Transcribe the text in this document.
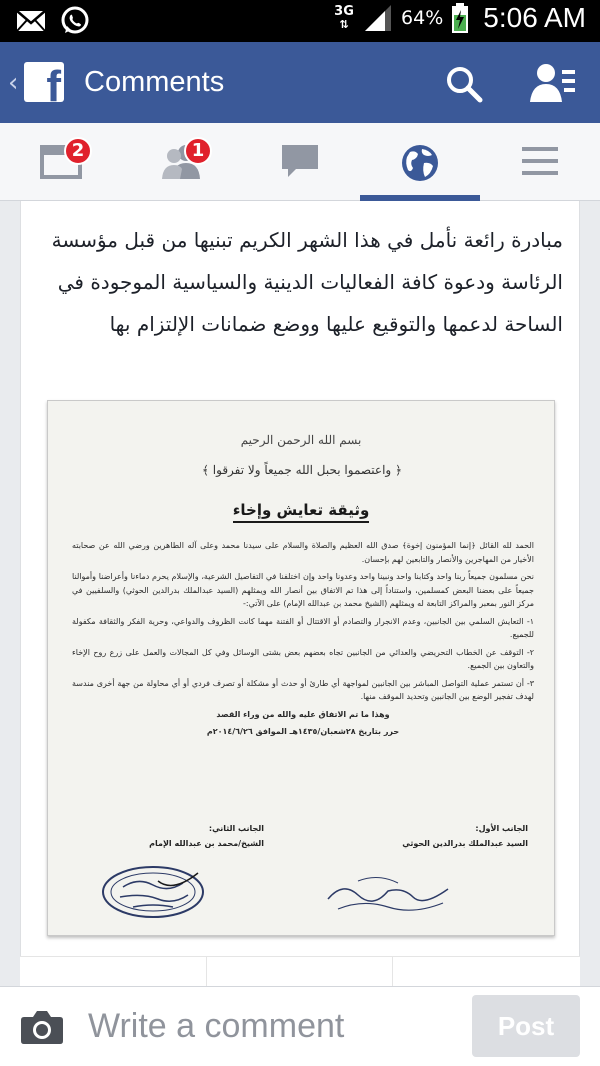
3G
⇅	64% 5:06 AM
‹ f Comments
2	1
مبادرة رائعة نأمل في هذا الشهر الكريم تبنيها من قبل مؤسسة الرئاسة ودعوة كافة الفعاليات الدينية والسياسية الموجودة في الساحة لدعمها والتوقيع عليها ووضع ضمانات الإلتزام بها
بسم الله الرحمن الرحيم
﴿ واعتصموا بحبل الله جميعاً ولا تفرقوا ﴾
وثيقة تعايش وإخاء

الحمد لله القائل ﴿إنما المؤمنون إخوة﴾ صدق الله العظيم والصلاة والسلام على سيدنا محمد وعلى آله الطاهرين ورضي الله عن صحابته الأخيار من المهاجرين والأنصار والتابعين لهم بإحسان.

نحن مسلمون جميعاً ربنا واحد وكتابنا واحد ونبينا واحد وعدونا واحد وإن اختلفنا في التفاصيل الشرعية، والإسلام يحرم دماءنا وأعراضنا وأموالنا جميعاً على بعضنا البعض كمسلمين، واستناداً إلى هذا تم الاتفاق بين أنصار الله ويمثلهم (السيد عبدالملك بدرالدين الحوثي) والسلفيين في مركز النور بمعبر والمراكز التابعة له ويمثلهم (الشيخ محمد بن عبدالله الإمام) على الآتي:-

١- التعايش السلمي بين الجانبين، وعدم الانجرار والتصادم أو الاقتتال أو الفتنة مهما كانت الظروف والدواعي، وحرية الفكر والثقافة مكفولة للجميع.

٢- التوقف عن الخطاب التحريضي والعدائي من الجانبين تجاه بعضهم بعض بشتى الوسائل وفي كل المجالات والعمل على زرع روح الإخاء والتعاون بين الجميع.

٣- أن تستمر عملية التواصل المباشر بين الجانبين لمواجهة أي طارئ أو حدث أو مشكلة أو تصرف فردي أو أي محاولة من جهة أخرى مندسة لهدف تفجير الوضع بين الجانبين وتحديد الموقف منها.

وهذا ما تم الاتفاق عليه والله من وراء القصد

حرر بتاريخ ٢٨شعبان/١٤٣٥هـ الموافق ٢٠١٤/٦/٢٦م

الجانب الثاني:
الشيخ/محمد بن عبدالله الإمام
الجانب الأول:
السيد عبدالملك بدرالدين الحوثي
Write a comment
Post
